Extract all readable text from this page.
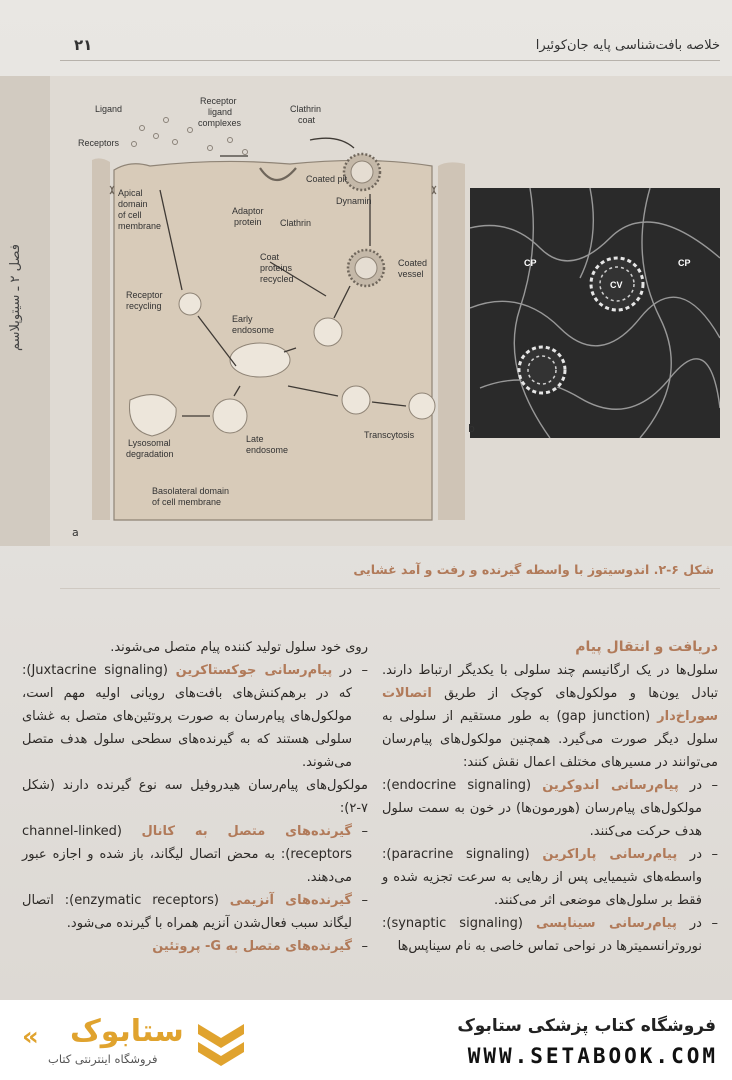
۲۱	خلاصه بافت‌شناسی پایه جان‌کوئیرا
فصل ۲ ـ سیتوپلاسم
Ligand
Receptor
ligand
complexes
Clathrin
coat
Receptors
Coated pit
Apical
domain
of cell
membrane
Dynamin
Adaptor
protein Clathrin
Coat
proteins
recycled
Coated
vessel
Receptor
recycling
Early
endosome
Late
endosome
Lysosomal
degradation
Transcytosis
Basolateral domain
of cell membrane
a
CP
CV
CP
b
شکل ۶-۲. اندوسیتوز با واسطه گیرنده و رفت و آمد غشایی

دریافت و انتقال پیام

سلول‌ها در یک ارگانیسم چند سلولی با یکدیگر ارتباط دارند. تبادل یون‌ها و مولکول‌های کوچک از طریق اتصالات سوراخ‌دار (gap junction) به طور مستقیم از سلولی به سلول دیگر صورت می‌گیرد. همچنین مولکول‌های پیام‌رسان می‌توانند در مسیرهای مختلف اعمال نقش کنند:

–
در پیام‌رسانی اندوکرین (endocrine signaling): مولکول‌های پیام‌رسان (هورمون‌ها) در خون به سمت سلول هدف حرکت می‌کنند.

–
در پیام‌رسانی پاراکرین (paracrine signaling): واسطه‌های شیمیایی پس از رهایی به سرعت تجزیه شده و فقط بر سلول‌های موضعی اثر می‌کنند.

–
در پیام‌رسانی سیناپسی (synaptic signaling): نوروترانسمیترها در نواحی تماس خاصی به نام سیناپس‌ها

روی خود سلول تولید کننده پیام متصل می‌شوند.

–
در پیام‌رسانی جوکستاکرین (Juxtacrine signaling): که در برهم‌کنش‌های بافت‌های رویانی اولیه مهم است، مولکول‌های پیام‌رسان به صورت پروتئین‌های متصل به غشای سلولی هستند که به گیرنده‌های سطحی سلول هدف متصل می‌شوند.

مولکول‌های پیام‌رسان هیدروفیل سه نوع گیرنده دارند (شکل ۷-۲):

–
گیرنده‌های متصل به کانال (channel-linked receptors): به محض اتصال لیگاند، باز شده و اجازه عبور می‌دهند.

–
گیرنده‌های آنزیمی (enzymatic receptors): اتصال لیگاند سبب فعال‌شدن آنزیم همراه با گیرنده می‌شود.

–
گیرنده‌های متصل به G- پروتئین

« ستابوک
فروشگاه اینترنتی کتاب
فروشگاه کتاب پزشکی ستابوک
WWW.SETABOOK.COM
